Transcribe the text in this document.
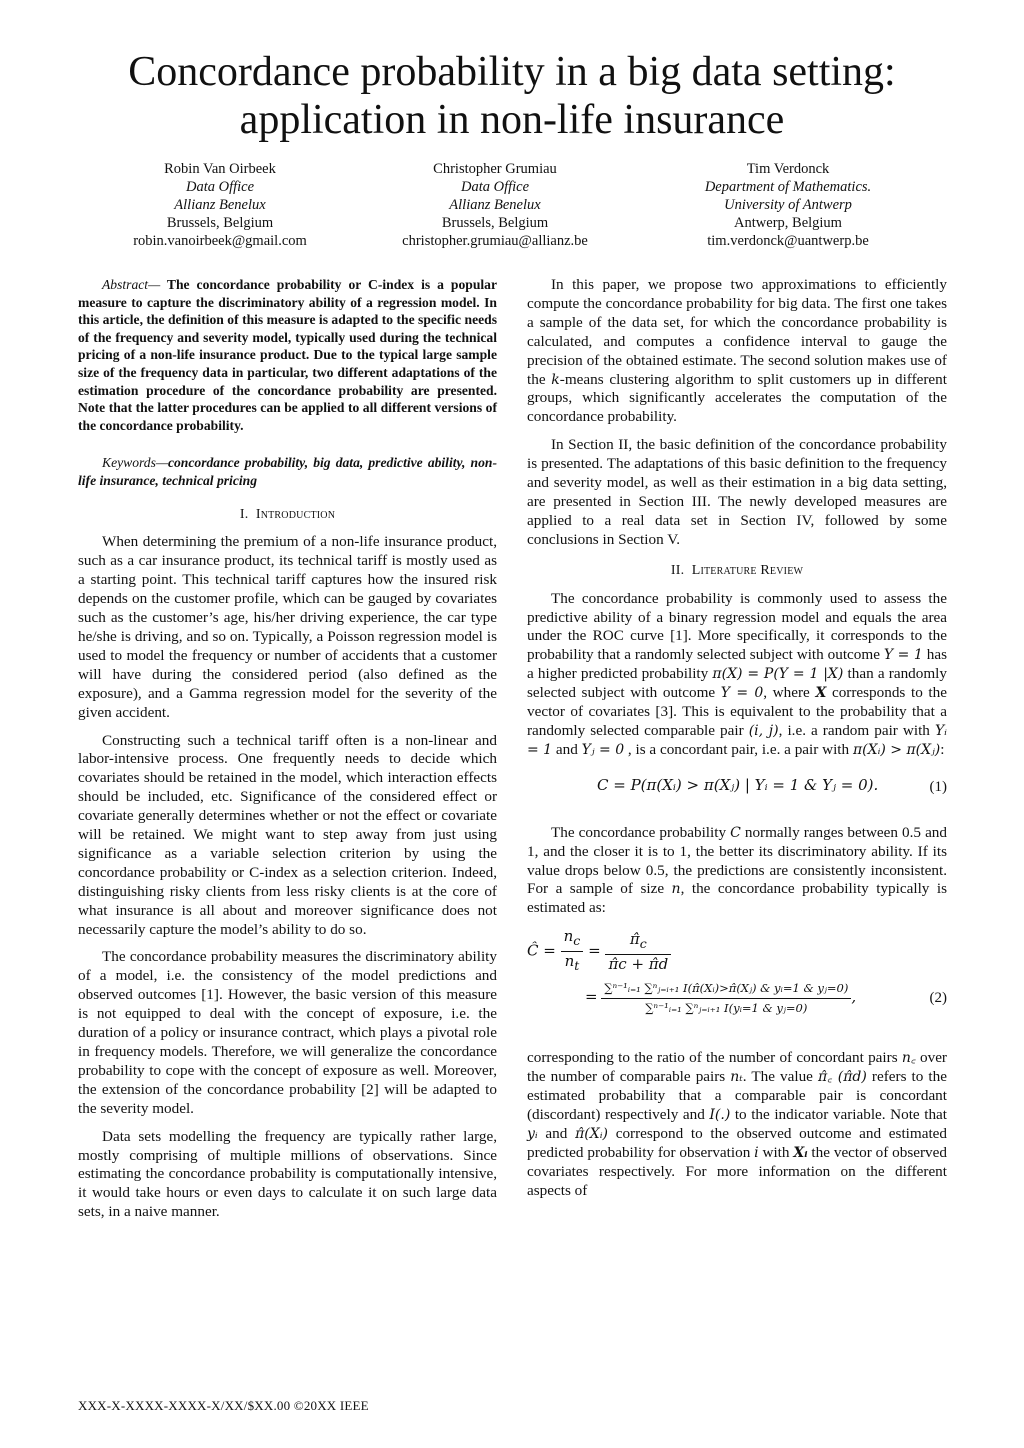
Concordance probability in a big data setting:
application in non-life insurance
Robin Van Oirbeek
Data Office
Allianz Benelux
Brussels, Belgium
robin.vanoirbeek@gmail.com
Christopher Grumiau
Data Office
Allianz Benelux
Brussels, Belgium
christopher.grumiau@allianz.be
Tim Verdonck
Department of Mathematics.
University of Antwerp
Antwerp, Belgium
tim.verdonck@uantwerp.be

Abstract— The concordance probability or C-index is a popular measure to capture the discriminatory ability of a regression model. In this article, the definition of this measure is adapted to the specific needs of the frequency and severity model, typically used during the technical pricing of a non-life insurance product. Due to the typical large sample size of the frequency data in particular, two different adaptations of the estimation procedure of the concordance probability are presented. Note that the latter procedures can be applied to all different versions of the concordance probability.

Keywords—concordance probability, big data, predictive ability, non-life insurance, technical pricing

I. Introduction

When determining the premium of a non-life insurance product, such as a car insurance product, its technical tariff is mostly used as a starting point. This technical tariff captures how the insured risk depends on the customer profile, which can be gauged by covariates such as the customer’s age, his/her driving experience, the car type he/she is driving, and so on. Typically, a Poisson regression model is used to model the frequency or number of accidents that a customer will have during the considered period (also defined as the exposure), and a Gamma regression model for the severity of the given accident.

Constructing such a technical tariff often is a non-linear and labor-intensive process. One frequently needs to decide which covariates should be retained in the model, which interaction effects should be included, etc. Significance of the considered effect or covariate generally determines whether or not the effect or covariate will be retained. We might want to step away from just using significance as a variable selection criterion by using the concordance probability or C-index as a selection criterion. Indeed, distinguishing risky clients from less risky clients is at the core of what insurance is all about and moreover significance does not necessarily capture the model’s ability to do so.

The concordance probability measures the discriminatory ability of a model, i.e. the consistency of the model predictions and observed outcomes [1]. However, the basic version of this measure is not equipped to deal with the concept of exposure, i.e. the duration of a policy or insurance contract, which plays a pivotal role in frequency models. Therefore, we will generalize the concordance probability to cope with the concept of exposure as well. Moreover, the extension of the concordance probability [2] will be adapted to the severity model.

Data sets modelling the frequency are typically rather large, mostly comprising of multiple millions of observations. Since estimating the concordance probability is computationally intensive, it would take hours or even days to calculate it on such large data sets, in a naive manner.

In this paper, we propose two approximations to efficiently compute the concordance probability for big data. The first one takes a sample of the data set, for which the concordance probability is calculated, and computes a confidence interval to gauge the precision of the obtained estimate. The second solution makes use of the k-means clustering algorithm to split customers up in different groups, which significantly accelerates the computation of the concordance probability.

In Section II, the basic definition of the concordance probability is presented. The adaptations of this basic definition to the frequency and severity model, as well as their estimation in a big data setting, are presented in Section III. The newly developed measures are applied to a real data set in Section IV, followed by some conclusions in Section V.

II. Literature Review

The concordance probability is commonly used to assess the predictive ability of a binary regression model and equals the area under the ROC curve [1]. More specifically, it corresponds to the probability that a randomly selected subject with outcome Y = 1 has a higher predicted probability π(X) = P(Y = 1 |X) than a randomly selected subject with outcome Y = 0, where X corresponds to the vector of covariates [3]. This is equivalent to the probability that a randomly selected comparable pair (i, j), i.e. a random pair with Yᵢ = 1 and Yⱼ = 0 , is a concordant pair, i.e. a pair with π(Xᵢ) > π(Xⱼ):

C = P(π(Xᵢ) > π(Xⱼ) | Yᵢ = 1 & Yⱼ = 0).	(1)

The concordance probability C normally ranges between 0.5 and 1, and the closer it is to 1, the better its discriminatory ability. If its value drops below 0.5, the predictions are consistently inconsistent. For a sample of size n, the concordance probability typically is estimated as:

Ĉ = $\frac{n_c}{n_t} = \frac{\pî_c}{\pîc + \pîd}$
= $\frac{\text{∑ⁿ⁻¹ᵢ₌₁ ∑ⁿⱼ₌ᵢ₊₁ I(π̂(Xᵢ)>π̂(Xⱼ) \& yᵢ=1 \& yⱼ=0)}}{\text{∑ⁿ⁻¹ᵢ₌₁ ∑ⁿⱼ₌ᵢ₊₁ I(yᵢ=1 \& yⱼ=0)}}$ ,	(2)

corresponding to the ratio of the number of concordant pairs n꜀ over the number of comparable pairs nₜ. The value π̂꜀ (π̂d) refers to the estimated probability that a comparable pair is concordant (discordant) respectively and I(.) to the indicator variable. Note that yᵢ and π̂(Xᵢ) correspond to the observed outcome and estimated predicted probability for observation i with Xᵢ the vector of observed covariates respectively. For more information on the different aspects of

XXX-X-XXXX-XXXX-X/XX/$XX.00 ©20XX IEEE
